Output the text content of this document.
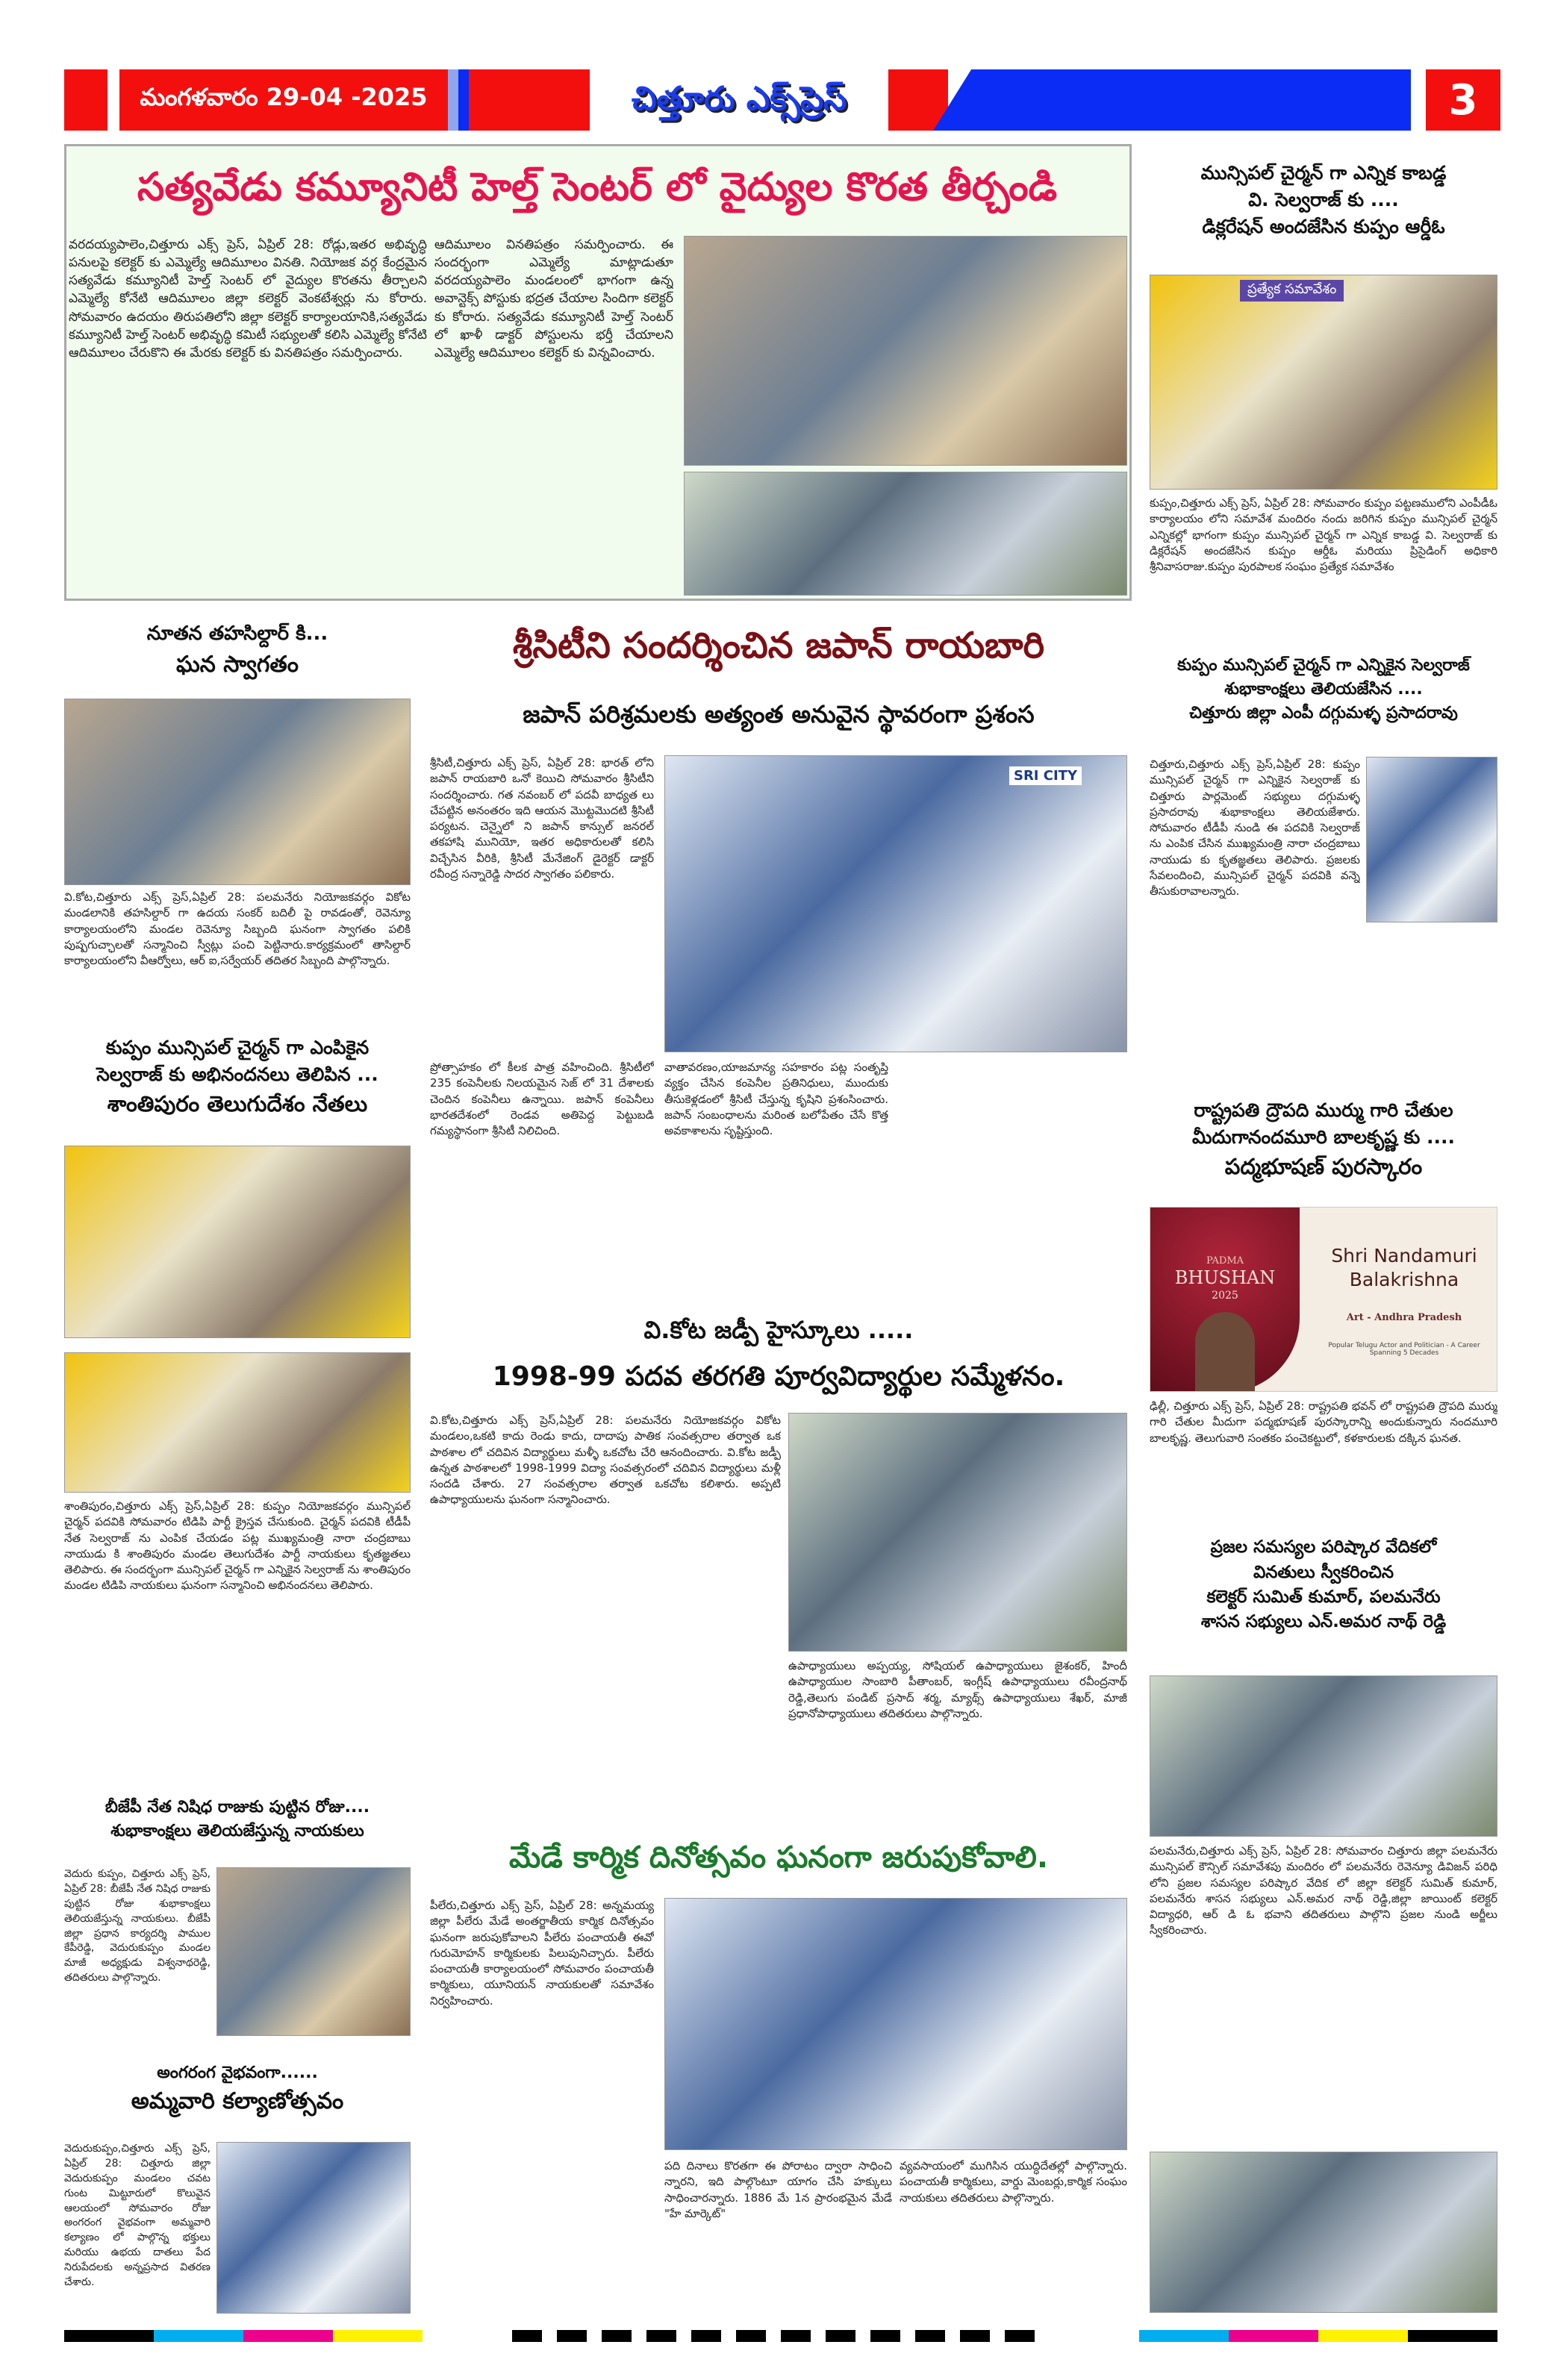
మంగళవారం 29-04 -2025	చిత్తూరు ఎక్స్‌ప్రెస్	3
సత్యవేడు కమ్యూనిటీ హెల్త్ సెంటర్ లో వైద్యుల కొరత తీర్చండి
వరదయ్యపాలెం,చిత్తూరు ఎక్స్ ప్రెస్, ఏప్రిల్ 28: రోడ్లు,ఇతర అభివృద్ధి పనులపై కలెక్టర్ కు ఎమ్మెల్యే ఆదిమూలం వినతి. నియోజక వర్గ కేంద్రమైన సత్యవేడు కమ్యూనిటీ హెల్త్ సెంటర్ లో వైద్యుల కొరతను తీర్చాలని ఎమ్మెల్యే కోనేటి ఆదిమూలం జిల్లా కలెక్టర్ వెంకటేశ్వర్లు ను కోరారు. సోమవారం ఉదయం తిరుపతిలోని జిల్లా కలెక్టర్ కార్యాలయానికి,సత్యవేడు కమ్యూనిటీ హెల్త్ సెంటర్ అభివృద్ధి కమిటీ సభ్యులతో కలిసి ఎమ్మెల్యే కోనేటి ఆదిమూలం చేరుకొని ఈ మేరకు కలెక్టర్ కు వినతిపత్రం సమర్పించారు.
ఆదిమూలం వినతిపత్రం సమర్పించారు. ఈ సందర్భంగా ఎమ్మెల్యే మాట్లాడుతూ వరదయ్యపాలెం మండలంలో భాగంగా ఉన్న అవాన్టెక్స్ పోస్టుకు భద్రత చేయాల సిందిగా కలెక్టర్ కు కోరారు. సత్యవేడు కమ్యూనిటీ హెల్త్ సెంటర్ లో ఖాళీ డాక్టర్ పోస్టులను భర్తీ చేయాలని ఎమ్మెల్యే ఆదిమూలం కలెక్టర్ కు విన్నవించారు.
మున్సిపల్ చైర్మన్ గా ఎన్నిక కాబడ్డ
వి. సెల్వరాజ్ కు ....
డిక్లరేషన్ అందజేసిన కుప్పం ఆర్డీఓ
ప్రత్యేక సమావేశం
కుప్పం,చిత్తూరు ఎక్స్ ప్రెస్, ఏప్రిల్ 28: సోమవారం కుప్పం పట్టణములోని ఎంపీడీఓ కార్యాలయం లోని సమావేశ మందిరం నందు జరిగిన కుప్పం మున్సిపల్ చైర్మన్ ఎన్నికల్లో భాగంగా కుప్పం మున్సిపల్ చైర్మన్ గా ఎన్నిక కాబడ్డ వి. సెల్వరాజ్ కు డిక్లరేషన్ అందజేసిన కుప్పం ఆర్డీఓ మరియు ప్రిసైడింగ్ అధికారి శ్రీనివాసరాజు.కుప్పం పురపాలక సంఘం ప్రత్యేక సమావేశం
నూతన తహసిల్దార్ కి...
ఘన స్వాగతం
వి.కోట,చిత్తూరు ఎక్స్ ప్రెస్,ఏప్రిల్ 28: పలమనేరు నియోజకవర్గం వికోట మండలానికి తహసిల్దార్ గా ఉదయ సంకర్ బదిలీ పై రావడంతో, రెవెన్యూ కార్యాలయంలోని మండల రెవెన్యూ సిబ్బంది ఘనంగా స్వాగతం పలికి పుష్పగుచ్ఛాలతో సన్మానించి స్వీట్లు పంచి పెట్టినారు.కార్యక్రమంలో తాసిల్దార్ కార్యాలయంలోని వీఆర్వోలు, ఆర్ ఐ,సర్వేయర్ తదితర సిబ్బంది పాల్గొన్నారు.
కుప్పం మున్సిపల్ చైర్మన్ గా ఎంపికైన
సెల్వరాజ్ కు అభినందనలు తెలిపిన ...
శాంతిపురం తెలుగుదేశం నేతలు
శాంతిపురం,చిత్తూరు ఎక్స్ ప్రెస్,ఏప్రిల్ 28: కుప్పం నియోజకవర్గం మున్సిపల్ చైర్మన్ పదవికి సోమవారం టిడిపి పార్టీ క్రైస్తవ చేసుకుంది. చైర్మన్ పదవికి టీడీపీ నేత సెల్వరాజ్ ను ఎంపిక చేయడం పట్ల ముఖ్యమంత్రి నారా చంద్రబాబు నాయుడు కి శాంతిపురం మండల తెలుగుదేశం పార్టీ నాయకులు కృతజ్ఞతలు తెలిపారు. ఈ సందర్భంగా మున్సిపల్ చైర్మన్ గా ఎన్నికైన సెల్వరాజ్ ను శాంతిపురం మండల టిడిపి నాయకులు ఘనంగా సన్మానించి అభినందనలు తెలిపారు.
బీజేపీ నేత నిషిధ రాజుకు పుట్టిన రోజు....
శుభాకాంక్షలు తెలియజేస్తున్న నాయకులు
వెదురు కుప్పం, చిత్తూరు ఎక్స్ ప్రెస్, ఏప్రిల్ 28: బీజేపీ నేత నిషిధ రాజుకు పుట్టిన రోజు శుభాకాంక్షలు తెలియజేస్తున్న నాయకులు. బీజేపీ జిల్లా ప్రధాన కార్యదర్శి పాముల కేపీరెడ్డి, వెదురుకుప్పం మండల మాజీ అధ్యక్షుడు విశ్వనాథరెడ్డి, తదితరులు పాల్గొన్నారు.
అంగరంగ వైభవంగా......
అమ్మవారి కల్యాణోత్సవం
వెదురుకుప్పం,చిత్తూరు ఎక్స్ ప్రెస్, ఏప్రిల్ 28: చిత్తూరు జిల్లా వెదురుకుప్పం మండలం చవట గుంట మిట్టూరులో కొలువైన ఆలయంలో సోమవారం రోజు అంగరంగ వైభవంగా అమ్మవారి కల్యాణం లో పాల్గొన్న భక్తులు మరియు ఉభయ దాతలు పేద నిరుపేదలకు అన్నప్రసాద వితరణ చేశారు.
శ్రీసిటీని సందర్శించిన జపాన్ రాయబారి
జపాన్ పరిశ్రమలకు అత్యంత అనువైన స్థావరంగా ప్రశంస
శ్రీసిటీ,చిత్తూరు ఎక్స్ ప్రెస్, ఏప్రిల్ 28: భారత్ లోని జపాన్ రాయబారి ఒనో కెయిచి సోమవారం శ్రీసిటీని సందర్శించారు. గత నవంబర్ లో పదవీ బాధ్యత లు చేపట్టిన అనంతరం ఇది ఆయన మొట్టమొదటి శ్రీసిటీ పర్యటన. చెన్నైలో ని జపాన్ కాన్సుల్ జనరల్ తకహాషి మునియో, ఇతర అధికారులతో కలిసి విచ్చేసిన వీరికి, శ్రీసిటీ మేనేజింగ్ డైరెక్టర్ డాక్టర్ రవీంద్ర సన్నారెడ్డి సాదర స్వాగతం పలికారు.
SRI CITY
ప్రోత్సాహకం లో కీలక పాత్ర వహించింది. శ్రీసిటీలో 235 కంపెనీలకు నిలయమైన సెజ్ లో 31 దేశాలకు చెందిన కంపెనీలు ఉన్నాయి. జపాన్ కంపెనీలు భారతదేశంలో రెండవ అతిపెద్ద పెట్టుబడి గమ్యస్థానంగా శ్రీసిటీ నిలిచింది.
వాతావరణం,యాజమాన్య సహకారం పట్ల సంతృప్తి వ్యక్తం చేసిన కంపెనీల ప్రతినిధులు, ముందుకు తీసుకెళ్లడంలో శ్రీసిటీ చేస్తున్న కృషిని ప్రశంసించారు. జపాన్ సంబంధాలను మరింత బలోపేతం చేసే కొత్త అవకాశాలను సృష్టిస్తుంది.
వి.కోట జడ్పీ హైస్కూలు .....
1998-99 పదవ తరగతి పూర్వవిద్యార్థుల సమ్మేళనం.
వి.కోట,చిత్తూరు ఎక్స్ ప్రెస్,ఏప్రిల్ 28: పలమనేరు నియోజకవర్గం వికోట మండలం,ఒకటి కాదు రెండు కాదు, దాదాపు పాతిక సంవత్సరాల తర్వాత ఒక పాఠశాల లో చదివిన విద్యార్థులు మళ్ళీ ఒకచోట చేరి ఆనందించారు. వి.కోట జడ్పీ ఉన్నత పాఠశాలలో 1998-1999 విద్యా సంవత్సరంలో చదివిన విద్యార్థులు మళ్లీ సందడి చేశారు. 27 సంవత్సరాల తర్వాత ఒకచోట కలిశారు. అప్పటి ఉపాధ్యాయులను ఘనంగా సన్మానించారు.
ఉపాధ్యాయులు అప్పయ్య, సోషియల్ ఉపాధ్యాయులు జైశంకర్, హిందీ ఉపాధ్యాయుల సాంబారి పీతాంబర్, ఇంగ్లీష్ ఉపాధ్యాయులు రవీంద్రనాథ్ రెడ్డి,తెలుగు పండిట్ ప్రసాద్ శర్మ, మ్యాథ్స్ ఉపాధ్యాయులు శేఖర్, మాజీ ప్రధానోపాధ్యాయులు తదితరులు పాల్గొన్నారు.
మేడే కార్మిక దినోత్సవం ఘనంగా జరుపుకోవాలి.
పీలేరు,చిత్తూరు ఎక్స్ ప్రెస్, ఏప్రిల్ 28: అన్నమయ్య జిల్లా పీలేరు మేడే అంతర్జాతీయ కార్మిక దినోత్సవం ఘనంగా జరుపుకోవాలని పీలేరు పంచాయతీ ఈవో గురుమోహన్ కార్మికులకు పిలుపునిచ్చారు. పీలేరు పంచాయతీ కార్యాలయంలో సోమవారం పంచాయతీ కార్మికులు, యూనియన్ నాయకులతో సమావేశం నిర్వహించారు.
పది దినాలు కొరతగా ఈ పోరాటం ద్వారా సాధించి న్నారని, ఇది పాల్గొంటూ యాగం చేసి హక్కులు సాధించారన్నారు. 1886 మే 1న ప్రారంభమైన మేడే "హే మార్కెట్"
వ్యవసాయంలో ముగిసిన యుద్ధిదేతల్లో పాల్గొన్నారు. పంచాయతీ కార్మికులు, వార్డు మెంబర్లు,కార్మిక సంఘం నాయకులు తదితరులు పాల్గొన్నారు.
కుప్పం మున్సిపల్ చైర్మన్ గా ఎన్నికైన సెల్వరాజ్
శుభాకాంక్షలు తెలియజేసిన ....
చిత్తూరు జిల్లా ఎంపీ దగ్గుమళ్ళ ప్రసాదరావు
చిత్తూరు,చిత్తూరు ఎక్స్ ప్రెస్,ఏప్రిల్ 28: కుప్పం మున్సిపల్ చైర్మన్ గా ఎన్నికైన సెల్వరాజ్ కు చిత్తూరు పార్లమెంట్ సభ్యులు దగ్గుమళ్ళ ప్రసాదరావు శుభాకాంక్షలు తెలియజేశారు. సోమవారం టీడీపీ నుండి ఈ పదవికి సెల్వరాజ్ ను ఎంపిక చేసిన ముఖ్యమంత్రి నారా చంద్రబాబు నాయుడు కు కృతజ్ఞతలు తెలిపారు. ప్రజలకు సేవలందించి, మున్సిపల్ చైర్మన్ పదవికి వన్నె తీసుకురావాలన్నారు.
రాష్ట్రపతి ద్రౌపది ముర్ము గారి చేతుల
మీదుగానందమూరి బాలకృష్ణ కు ....
పద్మభూషణ్ పురస్కారం
PADMA
BHUSHAN
2025
Shri Nandamuri
Balakrishna
Art - Andhra Pradesh
Popular Telugu Actor and Politician - A Career Spanning 5 Decades
ఢిల్లీ, చిత్తూరు ఎక్స్ ప్రెస్, ఏప్రిల్ 28: రాష్ట్రపతి భవన్ లో రాష్ట్రపతి ద్రౌపది ముర్ము గారి చేతుల మీదుగా పద్మభూషణ్ పురస్కారాన్ని అందుకున్నారు నందమూరి బాలకృష్ణ. తెలుగువారి సంతకం పంచెకట్టులో, కళకారులకు దక్కిన ఘనత.
ప్రజల సమస్యల పరిష్కార వేదికలో
వినతులు స్వీకరించిన
కలెక్టర్ సుమిత్ కుమార్, పలమనేరు
శాసన సభ్యులు ఎన్.అమర నాథ్ రెడ్డి
పలమనేరు,చిత్తూరు ఎక్స్ ప్రెస్, ఏప్రిల్ 28: సోమవారం చిత్తూరు జిల్లా పలమనేరు మున్సిపల్ కౌన్సిల్ సమావేశపు మందిరం లో పలమనేరు రెవెన్యూ డివిజన్ పరిధి లోని ప్రజల సమస్యల పరిష్కార వేదిక లో జిల్లా కలెక్టర్ సుమిత్ కుమార్, పలమనేరు శాసన సభ్యులు ఎన్.అమర నాథ్ రెడ్డి,జిల్లా జాయింట్ కలెక్టర్ విద్యాధరి, ఆర్ డి ఓ భవాని తదితరులు పాల్గొని ప్రజల నుండి అర్జీలు స్వీకరించారు.
